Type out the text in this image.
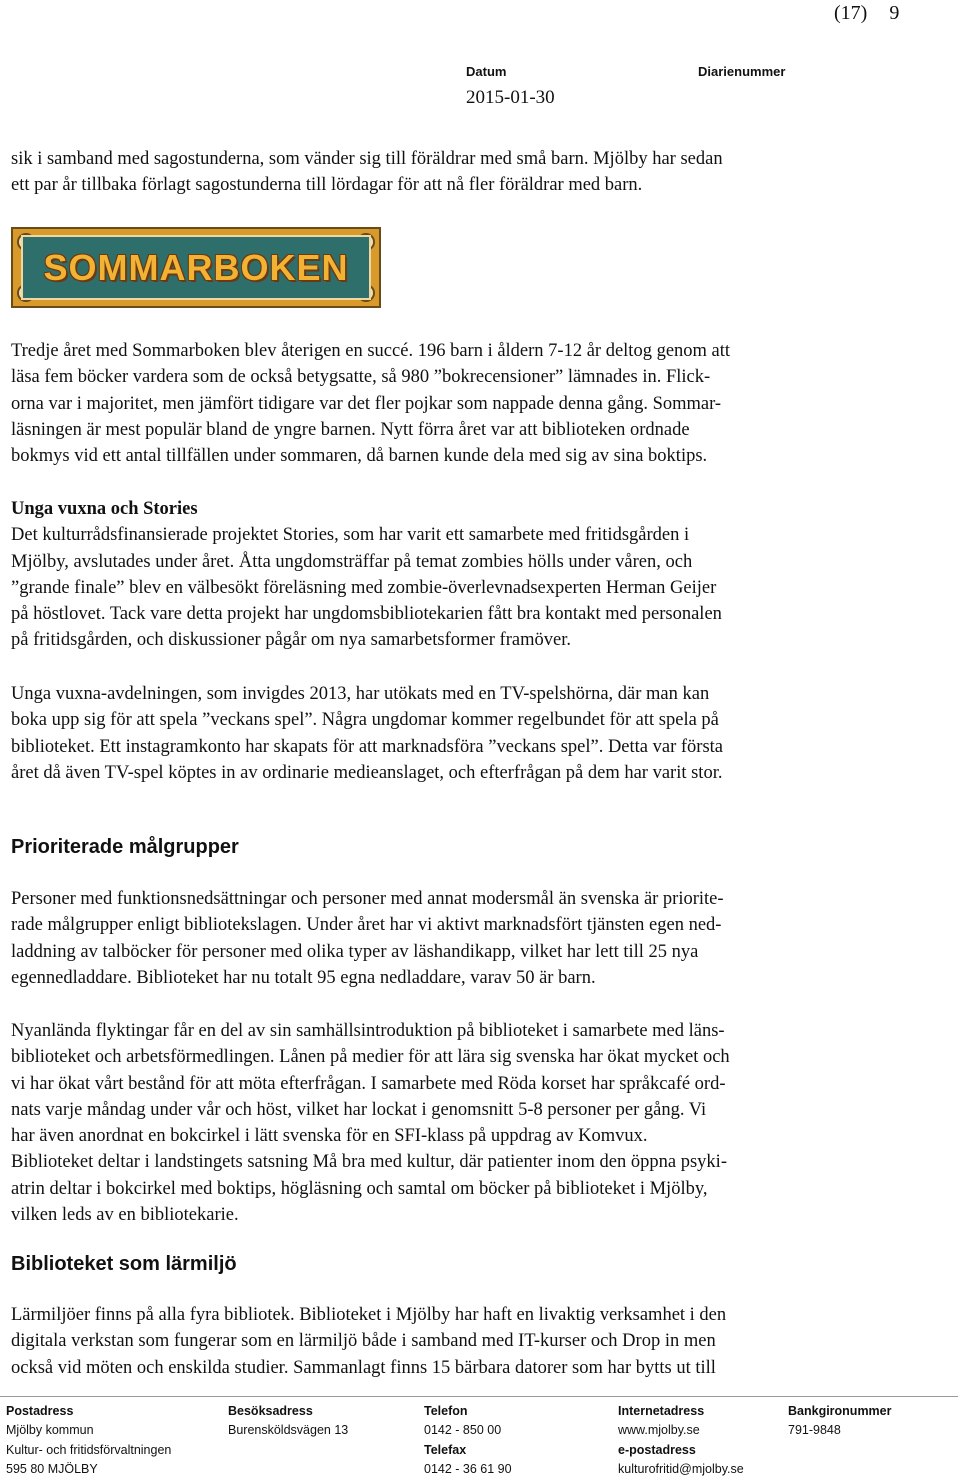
(17) 9
Datum
2015-01-30
Diarienummer

sik i samband med sagostunderna, som vänder sig till föräldrar med små barn. Mjölby har sedan
ett par år tillbaka förlagt sagostunderna till lördagar för att nå fler föräldrar med barn.

SOMMARBOKEN

Tredje året med Sommarboken blev återigen en succé. 196 barn i åldern 7-12 år deltog genom att
läsa fem böcker vardera som de också betygsatte, så 980 ”bokrecensioner” lämnades in. Flick-
orna var i majoritet, men jämfört tidigare var det fler pojkar som nappade denna gång. Sommar-
läsningen är mest populär bland de yngre barnen. Nytt förra året var att biblioteken ordnade
bokmys vid ett antal tillfällen under sommaren, då barnen kunde dela med sig av sina boktips.

Unga vuxna och Stories
Det kulturrådsfinansierade projektet Stories, som har varit ett samarbete med fritidsgården i
Mjölby, avslutades under året. Åtta ungdomsträffar på temat zombies hölls under våren, och
”grande finale” blev en välbesökt föreläsning med zombie-överlevnadsexperten Herman Geijer
på höstlovet. Tack vare detta projekt har ungdomsbibliotekarien fått bra kontakt med personalen
på fritidsgården, och diskussioner pågår om nya samarbetsformer framöver.

Unga vuxna-avdelningen, som invigdes 2013, har utökats med en TV-spelshörna, där man kan
boka upp sig för att spela ”veckans spel”. Några ungdomar kommer regelbundet för att spela på
biblioteket. Ett instagramkonto har skapats för att marknadsföra ”veckans spel”. Detta var första
året då även TV-spel köptes in av ordinarie medieanslaget, och efterfrågan på dem har varit stor.

Prioriterade målgrupper

Personer med funktionsnedsättningar och personer med annat modersmål än svenska är priorite-
rade målgrupper enligt bibliotekslagen. Under året har vi aktivt marknadsfört tjänsten egen ned-
laddning av talböcker för personer med olika typer av läshandikapp, vilket har lett till 25 nya
egennedladdare. Biblioteket har nu totalt 95 egna nedladdare, varav 50 är barn.

Nyanlända flyktingar får en del av sin samhällsintroduktion på biblioteket i samarbete med läns-
biblioteket och arbetsförmedlingen. Lånen på medier för att lära sig svenska har ökat mycket och
vi har ökat vårt bestånd för att möta efterfrågan. I samarbete med Röda korset har språkcafé ord-
nats varje måndag under vår och höst, vilket har lockat i genomsnitt 5-8 personer per gång. Vi
har även anordnat en bokcirkel i lätt svenska för en SFI-klass på uppdrag av Komvux.
Biblioteket deltar i landstingets satsning Må bra med kultur, där patienter inom den öppna psyki-
atrin deltar i bokcirkel med boktips, högläsning och samtal om böcker på biblioteket i Mjölby,
vilken leds av en bibliotekarie.

Biblioteket som lärmiljö

Lärmiljöer finns på alla fyra bibliotek. Biblioteket i Mjölby har haft en livaktig verksamhet i den
digitala verkstan som fungerar som en lärmiljö både i samband med IT-kurser och Drop in men
också vid möten och enskilda studier. Sammanlagt finns 15 bärbara datorer som har bytts ut till

Postadress
Mjölby kommun
Kultur- och fritidsförvaltningen
595 80 MJÖLBY
Besöksadress
Burensköldsvägen 13
Telefon
0142 - 850 00
Telefax
0142 - 36 61 90
Internetadress
www.mjolby.se
e-postadress
kulturofritid@mjolby.se
Bankgironummer
791-9848
